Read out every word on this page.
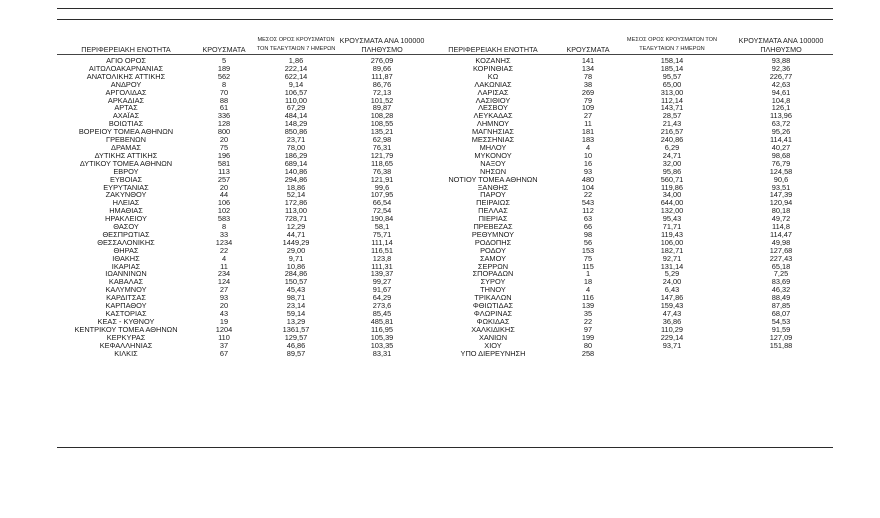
ΠΕΡΙΦΕΡΕΙΑΚΗ ΕΝΟΤΗΤΑ	ΚΡΟΥΣΜΑΤΑ	ΜΕΣΟΣ ΟΡΟΣ ΚΡΟΥΣΜΑΤΩΝ ΤΟΝ ΤΕΛΕΥΤΑΙΩΝ 7 ΗΜΕΡΩΝ	ΚΡΟΥΣΜΑΤΑ ΑΝΑ 100000 ΠΛΗΘΥΣΜΟ	ΠΕΡΙΦΕΡΕΙΑΚΗ ΕΝΟΤΗΤΑ	ΚΡΟΥΣΜΑΤΑ	ΜΕΣΟΣ ΟΡΟΣ ΚΡΟΥΣΜΑΤΩΝ ΤΟΝ ΤΕΛΕΥΤΑΙΩΝ 7 ΗΜΕΡΩΝ	ΚΡΟΥΣΜΑΤΑ ΑΝΑ 100000 ΠΛΗΘΥΣΜΟ
ΑΓΙΟ ΟΡΟΣ	5	1,86	276,09	ΚΟΖΑΝΗΣ	141	158,14	93,88
ΑΙΤΩΛΟΑΚΑΡΝΑΝΙΑΣ	189	222,14	89,66	ΚΟΡΙΝΘΙΑΣ	134	185,14	92,36
ΑΝΑΤΟΛΙΚΗΣ ΑΤΤΙΚΗΣ	562	622,14	111,87	ΚΩ	78	95,57	226,77
ΑΝΔΡΟΥ	8	9,14	86,76	ΛΑΚΩΝΙΑΣ	38	65,00	42,63
ΑΡΓΟΛΙΔΑΣ	70	106,57	72,13	ΛΑΡΙΣΑΣ	269	313,00	94,61
ΑΡΚΑΔΙΑΣ	88	110,00	101,52	ΛΑΣΙΘΙΟΥ	79	112,14	104,8
ΑΡΤΑΣ	61	67,29	89,87	ΛΕΣΒΟΥ	109	143,71	126,1
ΑΧΑΪΑΣ	336	484,14	108,28	ΛΕΥΚΑΔΑΣ	27	28,57	113,96
ΒΟΙΩΤΙΑΣ	128	148,29	108,55	ΛΗΜΝΟΥ	11	21,43	63,72
ΒΟΡΕΙΟΥ ΤΟΜΕΑ ΑΘΗΝΩΝ	800	850,86	135,21	ΜΑΓΝΗΣΙΑΣ	181	216,57	95,26
ΓΡΕΒΕΝΩΝ	20	23,71	62,98	ΜΕΣΣΗΝΙΑΣ	183	240,86	114,41
ΔΡΑΜΑΣ	75	78,00	76,31	ΜΗΛΟΥ	4	6,29	40,27
ΔΥΤΙΚΗΣ ΑΤΤΙΚΗΣ	196	186,29	121,79	ΜΥΚΟΝΟΥ	10	24,71	98,68
ΔΥΤΙΚΟΥ ΤΟΜΕΑ ΑΘΗΝΩΝ	581	689,14	118,65	ΝΑΞΟΥ	16	32,00	76,79
ΕΒΡΟΥ	113	140,86	76,38	ΝΗΣΩΝ	93	95,86	124,58
ΕΥΒΟΙΑΣ	257	294,86	121,91	ΝΟΤΙΟΥ ΤΟΜΕΑ ΑΘΗΝΩΝ	480	560,71	90,6
ΕΥΡΥΤΑΝΙΑΣ	20	18,86	99,6	ΞΑΝΘΗΣ	104	119,86	93,51
ΖΑΚΥΝΘΟΥ	44	52,14	107,95	ΠΑΡΟΥ	22	34,00	147,39
ΗΛΕΙΑΣ	106	172,86	66,54	ΠΕΙΡΑΙΩΣ	543	644,00	120,94
ΗΜΑΘΙΑΣ	102	113,00	72,54	ΠΕΛΛΑΣ	112	132,00	80,18
ΗΡΑΚΛΕΙΟΥ	583	728,71	190,84	ΠΙΕΡΙΑΣ	63	95,43	49,72
ΘΑΣΟΥ	8	12,29	58,1	ΠΡΕΒΕΖΑΣ	66	71,71	114,8
ΘΕΣΠΡΩΤΙΑΣ	33	44,71	75,71	ΡΕΘΥΜΝΟΥ	98	119,43	114,47
ΘΕΣΣΑΛΟΝΙΚΗΣ	1234	1449,29	111,14	ΡΟΔΟΠΗΣ	56	106,00	49,98
ΘΗΡΑΣ	22	29,00	116,51	ΡΟΔΟΥ	153	182,71	127,68
ΙΘΑΚΗΣ	4	9,71	123,8	ΣΑΜΟΥ	75	92,71	227,43
ΙΚΑΡΙΑΣ	11	10,86	111,31	ΣΕΡΡΩΝ	115	131,14	65,18
ΙΩΑΝΝΙΝΩΝ	234	284,86	139,37	ΣΠΟΡΑΔΩΝ	1	5,29	7,25
ΚΑΒΑΛΑΣ	124	150,57	99,27	ΣΥΡΟΥ	18	24,00	83,69
ΚΑΛΥΜΝΟΥ	27	45,43	91,67	ΤΗΝΟΥ	4	6,43	46,32
ΚΑΡΔΙΤΣΑΣ	93	98,71	64,29	ΤΡΙΚΑΛΩΝ	116	147,86	88,49
ΚΑΡΠΑΘΟΥ	20	23,14	273,6	ΦΘΙΩΤΙΔΑΣ	139	159,43	87,85
ΚΑΣΤΟΡΙΑΣ	43	59,14	85,45	ΦΛΩΡΙΝΑΣ	35	47,43	68,07
ΚΕΑΣ - ΚΥΘΝΟΥ	19	13,29	485,81	ΦΩΚΙΔΑΣ	22	36,86	54,53
ΚΕΝΤΡΙΚΟΥ ΤΟΜΕΑ ΑΘΗΝΩΝ	1204	1361,57	116,95	ΧΑΛΚΙΔΙΚΗΣ	97	110,29	91,59
ΚΕΡΚΥΡΑΣ	110	129,57	105,39	ΧΑΝΙΩΝ	199	229,14	127,09
ΚΕΦΑΛΛΗΝΙΑΣ	37	46,86	103,35	ΧΙΟΥ	80	93,71	151,88
ΚΙΛΚΙΣ	67	89,57	83,31	ΥΠΟ ΔΙΕΡΕΥΝΗΣΗ	258		
